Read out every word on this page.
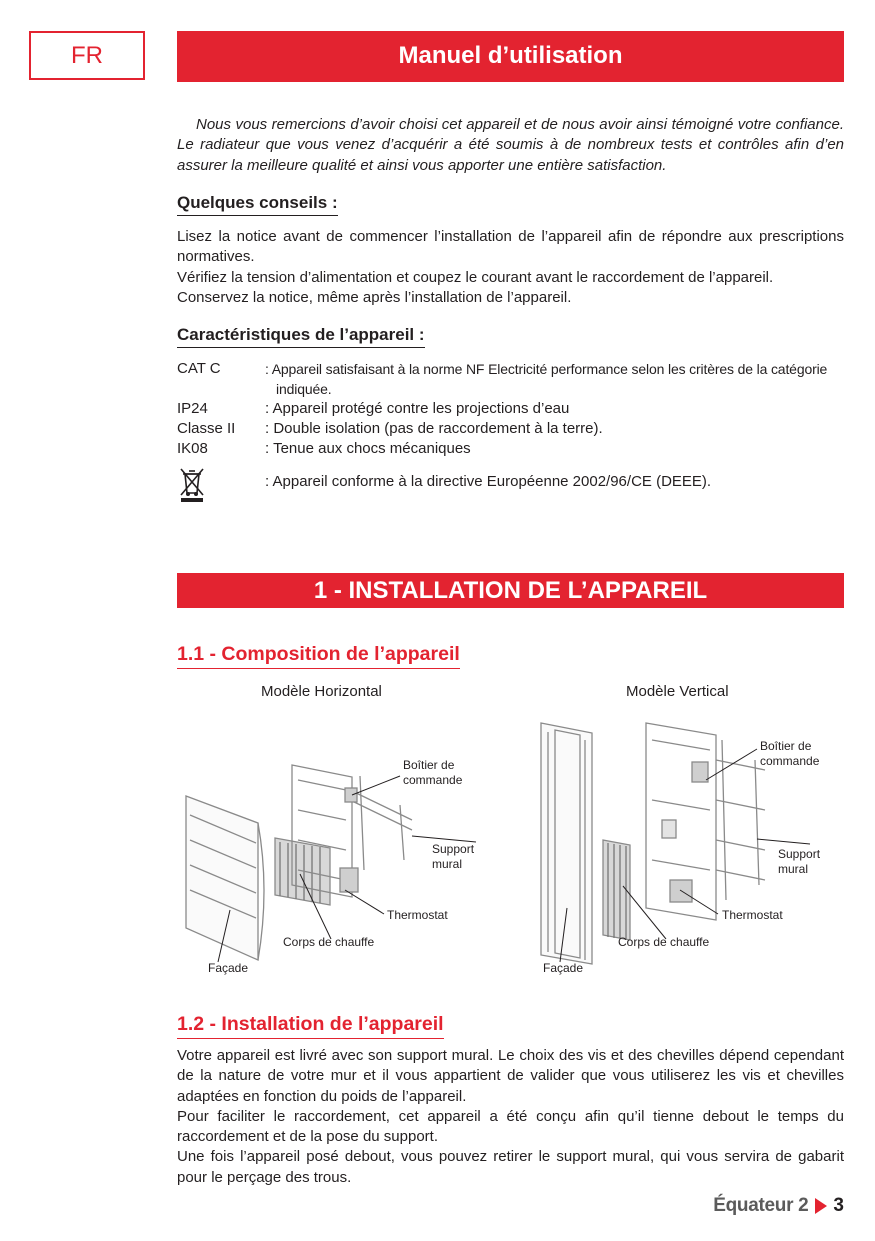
FR	Manuel d’utilisation

Nous vous remercions d’avoir choisi cet appareil et de nous avoir ainsi témoigné votre confiance. Le radiateur que vous venez d’acquérir a été soumis à de nombreux tests et contrôles afin d’en assurer la meilleure qualité et ainsi vous apporter une entière satisfaction.

Quelques conseils :

Lisez la notice avant de commencer l’installation de l’appareil afin de répondre aux prescriptions normatives.

Vérifiez la tension d’alimentation et coupez le courant avant le raccordement de l’appareil.

Conservez la notice, même après l’installation de l’appareil.

Caractéristiques de l’appareil :
CAT C	: Appareil satisfaisant à la norme NF Electricité performance selon les critères de la catégorie indiquée.
IP24	: Appareil protégé contre les projections d’eau
Classe II	: Double isolation (pas de raccordement à la terre).
IK08	: Tenue aux chocs mécaniques
: Appareil conforme à la directive Européenne 2002/96/CE (DEEE).
1 - INSTALLATION DE L’APPAREIL
1.1 - Composition de l’appareil
Modèle Horizontal	Modèle Vertical
Boîtier de
commande
Support
mural
Thermostat
Corps de chauffe
Façade
Boîtier de
commande
Support
mural
Thermostat
Corps de chauffe
Façade
1.2 - Installation de l’appareil

Votre appareil est livré avec son support mural. Le choix des vis et des chevilles dépend cependant de la nature de votre mur et il vous appartient de valider que vous utiliserez les vis et chevilles adaptées en fonction du poids de l’appareil.

Pour faciliter le raccordement, cet appareil a été conçu afin qu’il tienne debout le temps du raccordement et de la pose du support.

Une fois l’appareil posé debout, vous pouvez retirer le support mural, qui vous servira de gabarit pour le perçage des trous.

Équateur 2 3
